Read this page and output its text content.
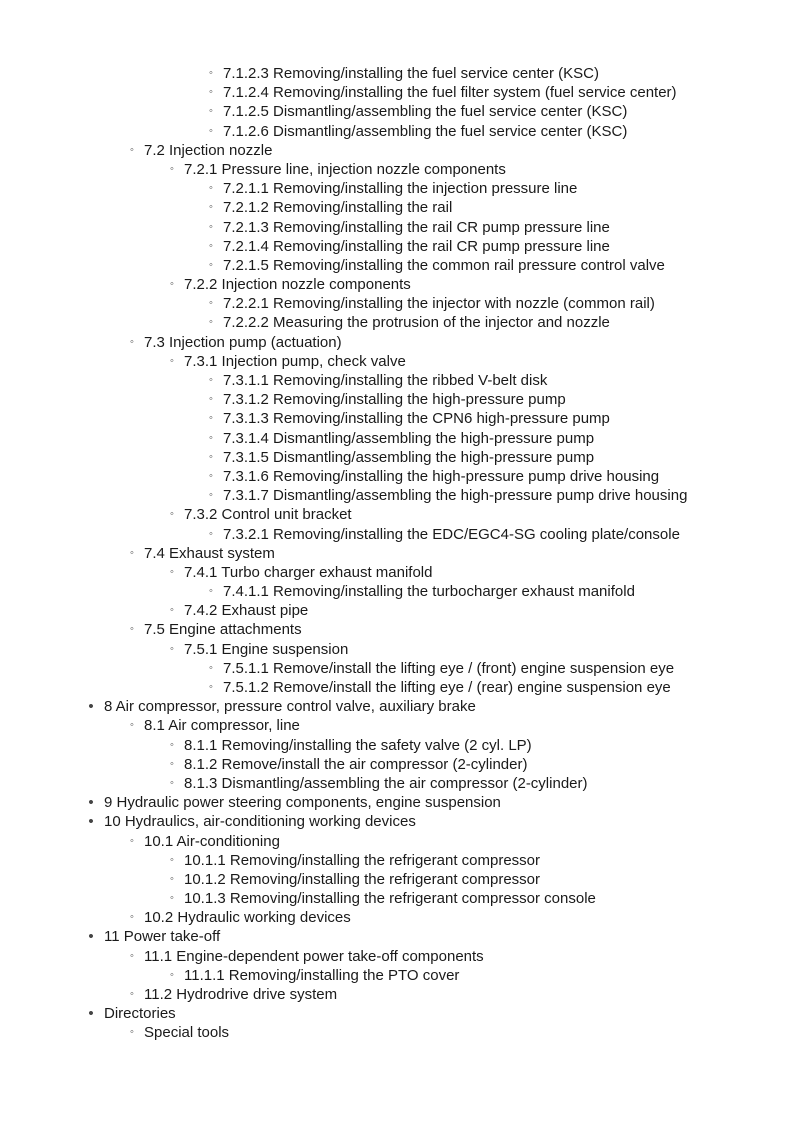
◦ 7.1.2.3 Removing/installing the fuel service center (KSC)
◦ 7.1.2.4 Removing/installing the fuel filter system (fuel service center)
◦ 7.1.2.5 Dismantling/assembling the fuel service center (KSC)
◦ 7.1.2.6 Dismantling/assembling the fuel service center (KSC)
◦ 7.2 Injection nozzle
◦ 7.2.1 Pressure line, injection nozzle components
◦ 7.2.1.1 Removing/installing the injection pressure line
◦ 7.2.1.2 Removing/installing the rail
◦ 7.2.1.3 Removing/installing the rail CR pump pressure line
◦ 7.2.1.4 Removing/installing the rail CR pump pressure line
◦ 7.2.1.5 Removing/installing the common rail pressure control valve
◦ 7.2.2 Injection nozzle components
◦ 7.2.2.1 Removing/installing the injector with nozzle (common rail)
◦ 7.2.2.2 Measuring the protrusion of the injector and nozzle
◦ 7.3 Injection pump (actuation)
◦ 7.3.1 Injection pump, check valve
◦ 7.3.1.1 Removing/installing the ribbed V-belt disk
◦ 7.3.1.2 Removing/installing the high-pressure pump
◦ 7.3.1.3 Removing/installing the CPN6 high-pressure pump
◦ 7.3.1.4 Dismantling/assembling the high-pressure pump
◦ 7.3.1.5 Dismantling/assembling the high-pressure pump
◦ 7.3.1.6 Removing/installing the high-pressure pump drive housing
◦ 7.3.1.7 Dismantling/assembling the high-pressure pump drive housing
◦ 7.3.2 Control unit bracket
◦ 7.3.2.1 Removing/installing the EDC/EGC4-SG cooling plate/console
◦ 7.4 Exhaust system
◦ 7.4.1 Turbo charger exhaust manifold
◦ 7.4.1.1 Removing/installing the turbocharger exhaust manifold
◦ 7.4.2 Exhaust pipe
◦ 7.5 Engine attachments
◦ 7.5.1 Engine suspension
◦ 7.5.1.1 Remove/install the lifting eye / (front) engine suspension eye
◦ 7.5.1.2 Remove/install the lifting eye / (rear) engine suspension eye
• 8 Air compressor, pressure control valve, auxiliary brake
◦ 8.1 Air compressor, line
◦ 8.1.1 Removing/installing the safety valve (2 cyl. LP)
◦ 8.1.2 Remove/install the air compressor (2-cylinder)
◦ 8.1.3 Dismantling/assembling the air compressor (2-cylinder)
• 9 Hydraulic power steering components, engine suspension
• 10 Hydraulics, air-conditioning working devices
◦ 10.1 Air-conditioning
◦ 10.1.1 Removing/installing the refrigerant compressor
◦ 10.1.2 Removing/installing the refrigerant compressor
◦ 10.1.3 Removing/installing the refrigerant compressor console
◦ 10.2 Hydraulic working devices
• 11 Power take-off
◦ 11.1 Engine-dependent power take-off components
◦ 11.1.1 Removing/installing the PTO cover
◦ 11.2 Hydrodrive drive system
• Directories
◦ Special tools
